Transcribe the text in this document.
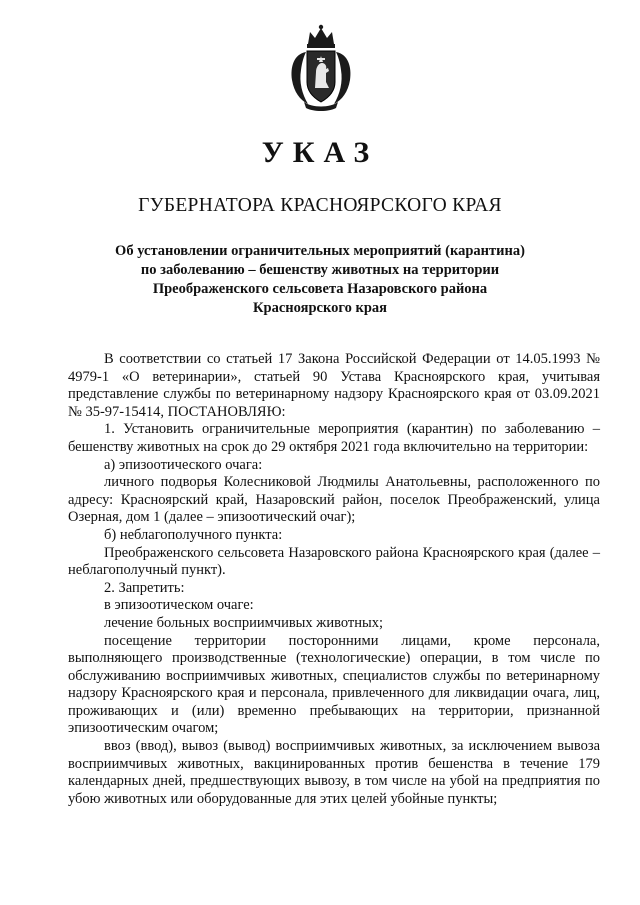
УКАЗ
ГУБЕРНАТОРА КРАСНОЯРСКОГО КРАЯ
Об установлении ограничительных мероприятий (карантина)
по заболеванию – бешенству животных на территории
Преображенского сельсовета Назаровского района
Красноярского края

В соответствии со статьей 17 Закона Российской Федерации от 14.05.1993 № 4979-1 «О ветеринарии», статьей 90 Устава Красноярского края, учитывая представление службы по ветеринарному надзору Красноярского края от 03.09.2021 № 35-97-15414, ПОСТАНОВЛЯЮ:

1. Установить ограничительные мероприятия (карантин) по заболеванию – бешенству животных на срок до 29 октября 2021 года включительно на территории:

а) эпизоотического очага:

личного подворья Колесниковой Людмилы Анатольевны, расположенного по адресу: Красноярский край, Назаровский район, поселок Преображенский, улица Озерная, дом 1 (далее – эпизоотический очаг);

б) неблагополучного пункта:

Преображенского сельсовета Назаровского района Красноярского края (далее – неблагополучный пункт).

2. Запретить:

в эпизоотическом очаге:

лечение больных восприимчивых животных;

посещение территории посторонними лицами, кроме персонала, выполняющего производственные (технологические) операции, в том числе по обслуживанию восприимчивых животных, специалистов службы по ветеринарному надзору Красноярского края и персонала, привлеченного для ликвидации очага, лиц, проживающих и (или) временно пребывающих на территории, признанной эпизоотическим очагом;

ввоз (ввод), вывоз (вывод) восприимчивых животных, за исключением вывоза восприимчивых животных, вакцинированных против бешенства в течение 179 календарных дней, предшествующих вывозу, в том числе на убой на предприятия по убою животных или оборудованные для этих целей убойные пункты;
